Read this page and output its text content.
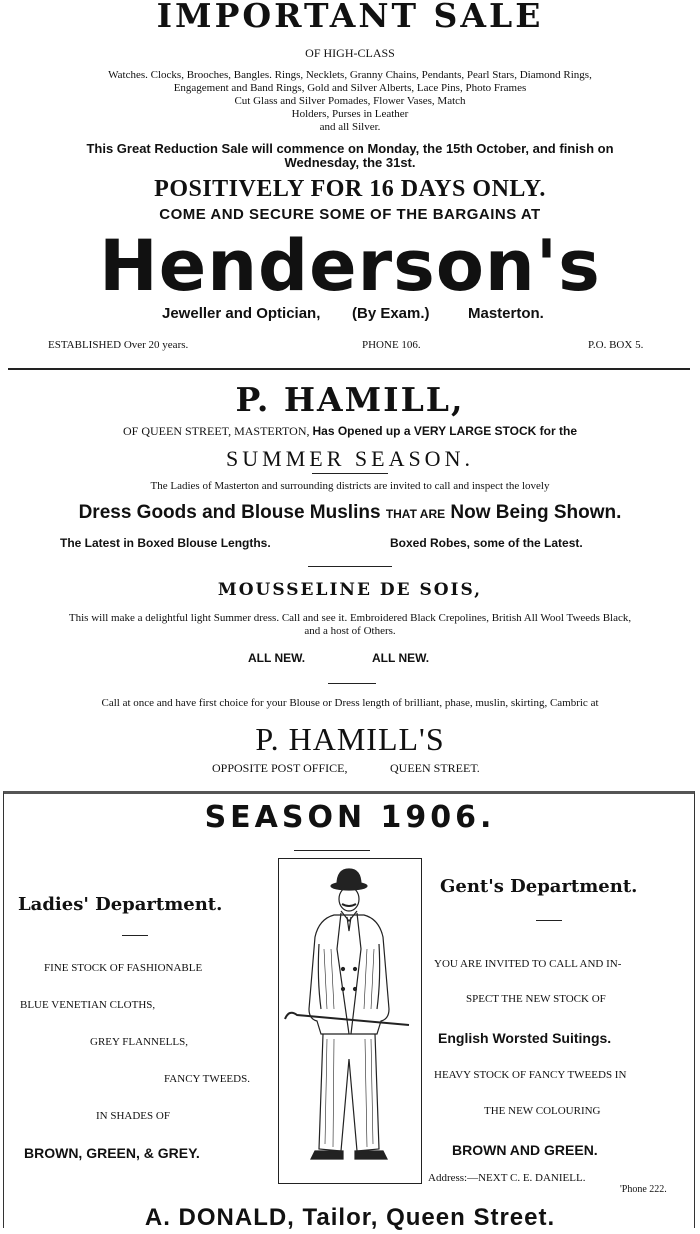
IMPORTANT SALE
OF HIGH-CLASS
Watches. Clocks, Brooches, Bangles. Rings, Necklets, Granny Chains, Pendants, Pearl Stars, Diamond Rings,
Engagement and Band Rings, Gold and Silver Alberts, Lace Pins, Photo Frames
Cut Glass and Silver Pomades, Flower Vases, Match
Holders, Purses in Leather
and all Silver.
This Great Reduction Sale will commence on Monday, the 15th October, and finish on
Wednesday, the 31st.
POSITIVELY FOR 16 DAYS ONLY.
COME AND SECURE SOME OF THE BARGAINS AT
Henderson's
Jeweller and Optician, (By Exam.)	Masterton.
ESTABLISHED Over 20 years.	PHONE 106.	P.O. BOX 5.
P. HAMILL,
OF QUEEN STREET, MASTERTON, Has Opened up a VERY LARGE STOCK for the
SUMMER SEASON.
The Ladies of Masterton and surrounding districts are invited to call and inspect the lovely
Dress Goods and Blouse Muslins THAT ARE Now Being Shown.
The Latest in Boxed Blouse Lengths.	Boxed Robes, some of the Latest.
MOUSSELINE DE SOIS,
This will make a delightful light Summer dress. Call and see it. Embroidered Black Crepolines, British All Wool Tweeds Black,
and a host of Others.
ALL NEW.	ALL NEW.
Call at once and have first choice for your Blouse or Dress length of brilliant, phase, muslin, skirting, Cambric at
P. HAMILL'S
OPPOSITE POST OFFICE,	QUEEN STREET.
SEASON 1906.
Ladies' Department.
FINE STOCK OF FASHIONABLE
BLUE VENETIAN CLOTHS,
GREY FLANNELLS,
FANCY TWEEDS.
IN SHADES OF
BROWN, GREEN, & GREY.
Gent's Department.
YOU ARE INVITED TO CALL AND IN-
SPECT THE NEW STOCK OF
English Worsted Suitings.
HEAVY STOCK OF FANCY TWEEDS IN
THE NEW COLOURING
BROWN AND GREEN.
Address:—NEXT C. E. DANIELL.
'Phone 222.
A. DONALD, Tailor, Queen Street.
